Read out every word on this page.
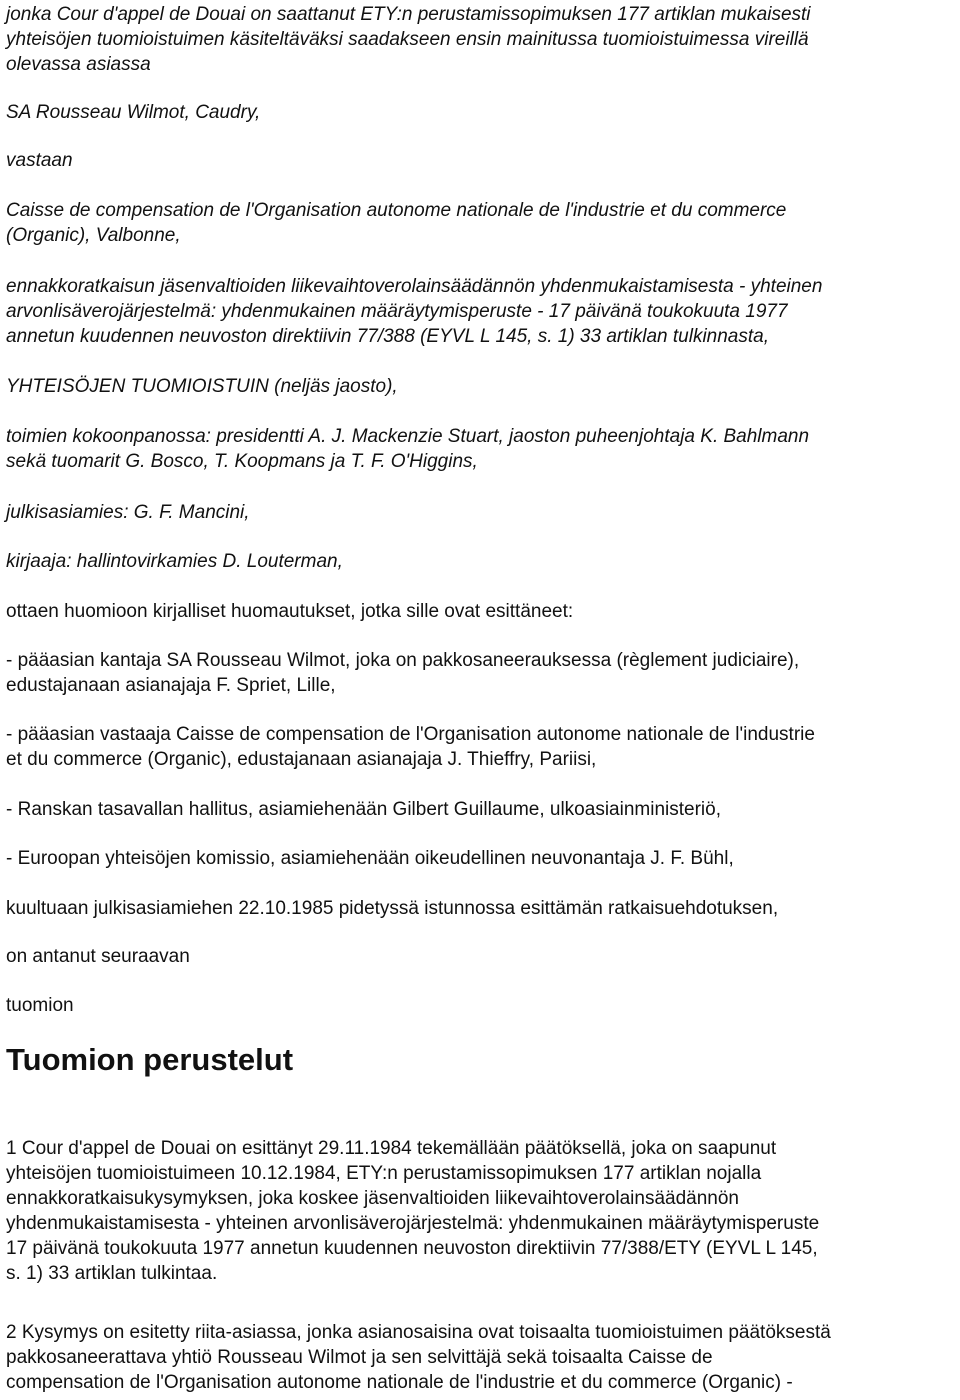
jonka Cour d'appel de Douai on saattanut ETY:n perustamissopimuksen 177 artiklan mukaisesti
yhteisöjen tuomioistuimen käsiteltäväksi saadakseen ensin mainitussa tuomioistuimessa vireillä
olevassa asiassa

SA Rousseau Wilmot, Caudry,

vastaan

Caisse de compensation de l'Organisation autonome nationale de l'industrie et du commerce
(Organic), Valbonne,

ennakkoratkaisun jäsenvaltioiden liikevaihtoverolainsäädännön yhdenmukaistamisesta - yhteinen
arvonlisäverojärjestelmä: yhdenmukainen määräytymisperuste - 17 päivänä toukokuuta 1977
annetun kuudennen neuvoston direktiivin 77/388 (EYVL L 145, s. 1) 33 artiklan tulkinnasta,

YHTEISÖJEN TUOMIOISTUIN (neljäs jaosto),

toimien kokoonpanossa: presidentti A. J. Mackenzie Stuart, jaoston puheenjohtaja K. Bahlmann
sekä tuomarit G. Bosco, T. Koopmans ja T. F. O'Higgins,

julkisasiamies: G. F. Mancini,

kirjaaja: hallintovirkamies D. Louterman,

ottaen huomioon kirjalliset huomautukset, jotka sille ovat esittäneet:

- pääasian kantaja SA Rousseau Wilmot, joka on pakkosaneerauksessa (règlement judiciaire),
edustajanaan asianajaja F. Spriet, Lille,

- pääasian vastaaja Caisse de compensation de l'Organisation autonome nationale de l'industrie
et du commerce (Organic), edustajanaan asianajaja J. Thieffry, Pariisi,

- Ranskan tasavallan hallitus, asiamiehenään Gilbert Guillaume, ulkoasiainministeriö,

- Euroopan yhteisöjen komissio, asiamiehenään oikeudellinen neuvonantaja J. F. Bühl,

kuultuaan julkisasiamiehen 22.10.1985 pidetyssä istunnossa esittämän ratkaisuehdotuksen,

on antanut seuraavan

tuomion

Tuomion perustelut

1 Cour d'appel de Douai on esittänyt 29.11.1984 tekemällään päätöksellä, joka on saapunut
yhteisöjen tuomioistuimeen 10.12.1984, ETY:n perustamissopimuksen 177 artiklan nojalla
ennakkoratkaisukysymyksen, joka koskee jäsenvaltioiden liikevaihtoverolainsäädännön
yhdenmukaistamisesta - yhteinen arvonlisäverojärjestelmä: yhdenmukainen määräytymisperuste
17 päivänä toukokuuta 1977 annetun kuudennen neuvoston direktiivin 77/388/ETY (EYVL L 145,
s. 1) 33 artiklan tulkintaa.

2 Kysymys on esitetty riita-asiassa, jonka asianosaisina ovat toisaalta tuomioistuimen päätöksestä
pakkosaneerattava yhtiö Rousseau Wilmot ja sen selvittäjä sekä toisaalta Caisse de
compensation de l'Organisation autonome nationale de l'industrie et du commerce (Organic) -
